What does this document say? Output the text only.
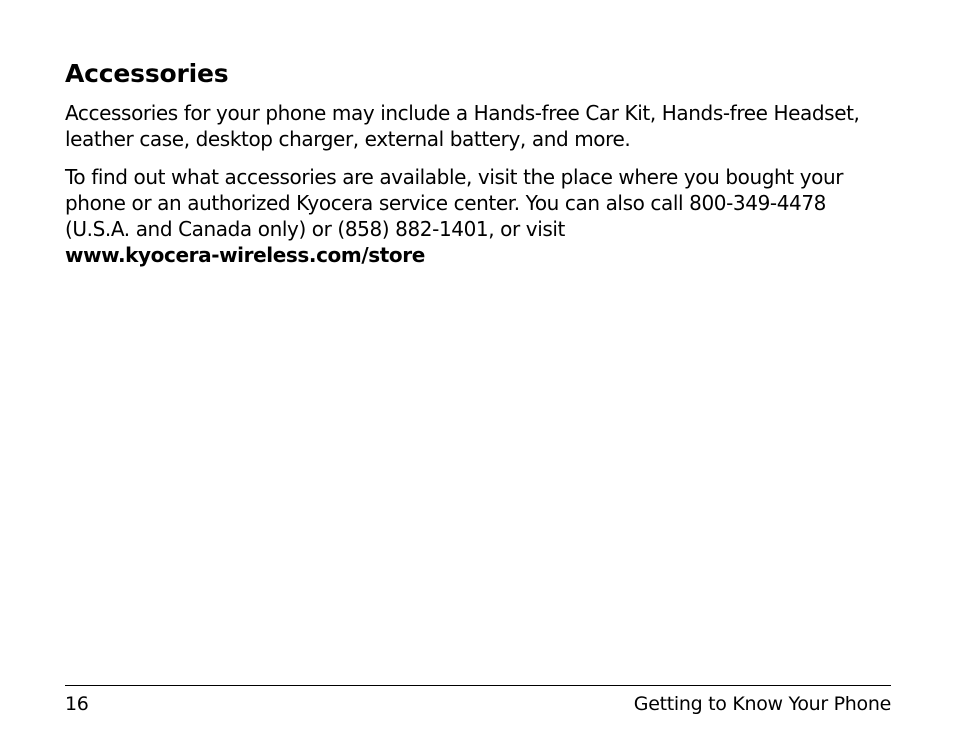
Accessories

Accessories for your phone may include a Hands-free Car Kit, Hands-free Headset, leather case, desktop charger, external battery, and more.

To find out what accessories are available, visit the place where you bought your phone or an authorized Kyocera service center. You can also call 800-349-4478 (U.S.A. and Canada only) or (858) 882-1401, or visit
www.kyocera-wireless.com/store

16	Getting to Know Your Phone
